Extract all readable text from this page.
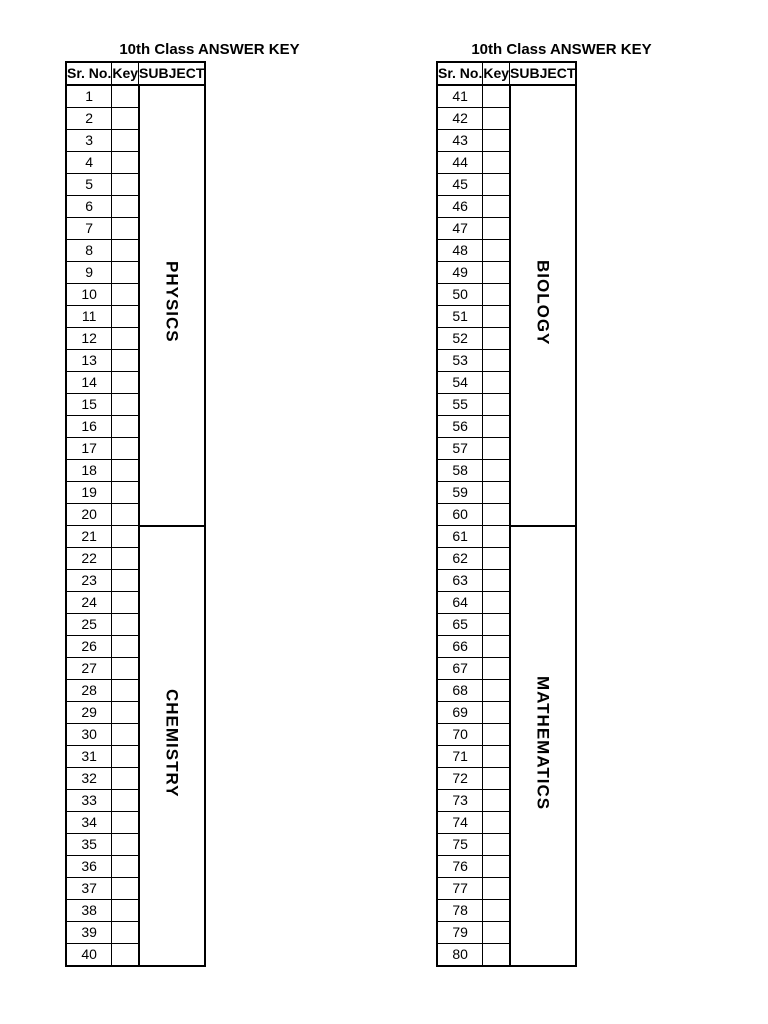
10th Class ANSWER KEY
Sr. No.	Key	SUBJECT
1		PHYSICS
2		
3		
4		
5		
6		
7		
8		
9		
10		
11		
12		
13		
14		
15		
16		
17		
18		
19		
20		
21		CHEMISTRY
22		
23		
24		
25		
26		
27		
28		
29		
30		
31		
32		
33		
34		
35		
36		
37		
38		
39		
40		
10th Class ANSWER KEY
Sr. No.	Key	SUBJECT
41		BIOLOGY
42		
43		
44		
45		
46		
47		
48		
49		
50		
51		
52		
53		
54		
55		
56		
57		
58		
59		
60		
61		MATHEMATICS
62		
63		
64		
65		
66		
67		
68		
69		
70		
71		
72		
73		
74		
75		
76		
77		
78		
79		
80		
